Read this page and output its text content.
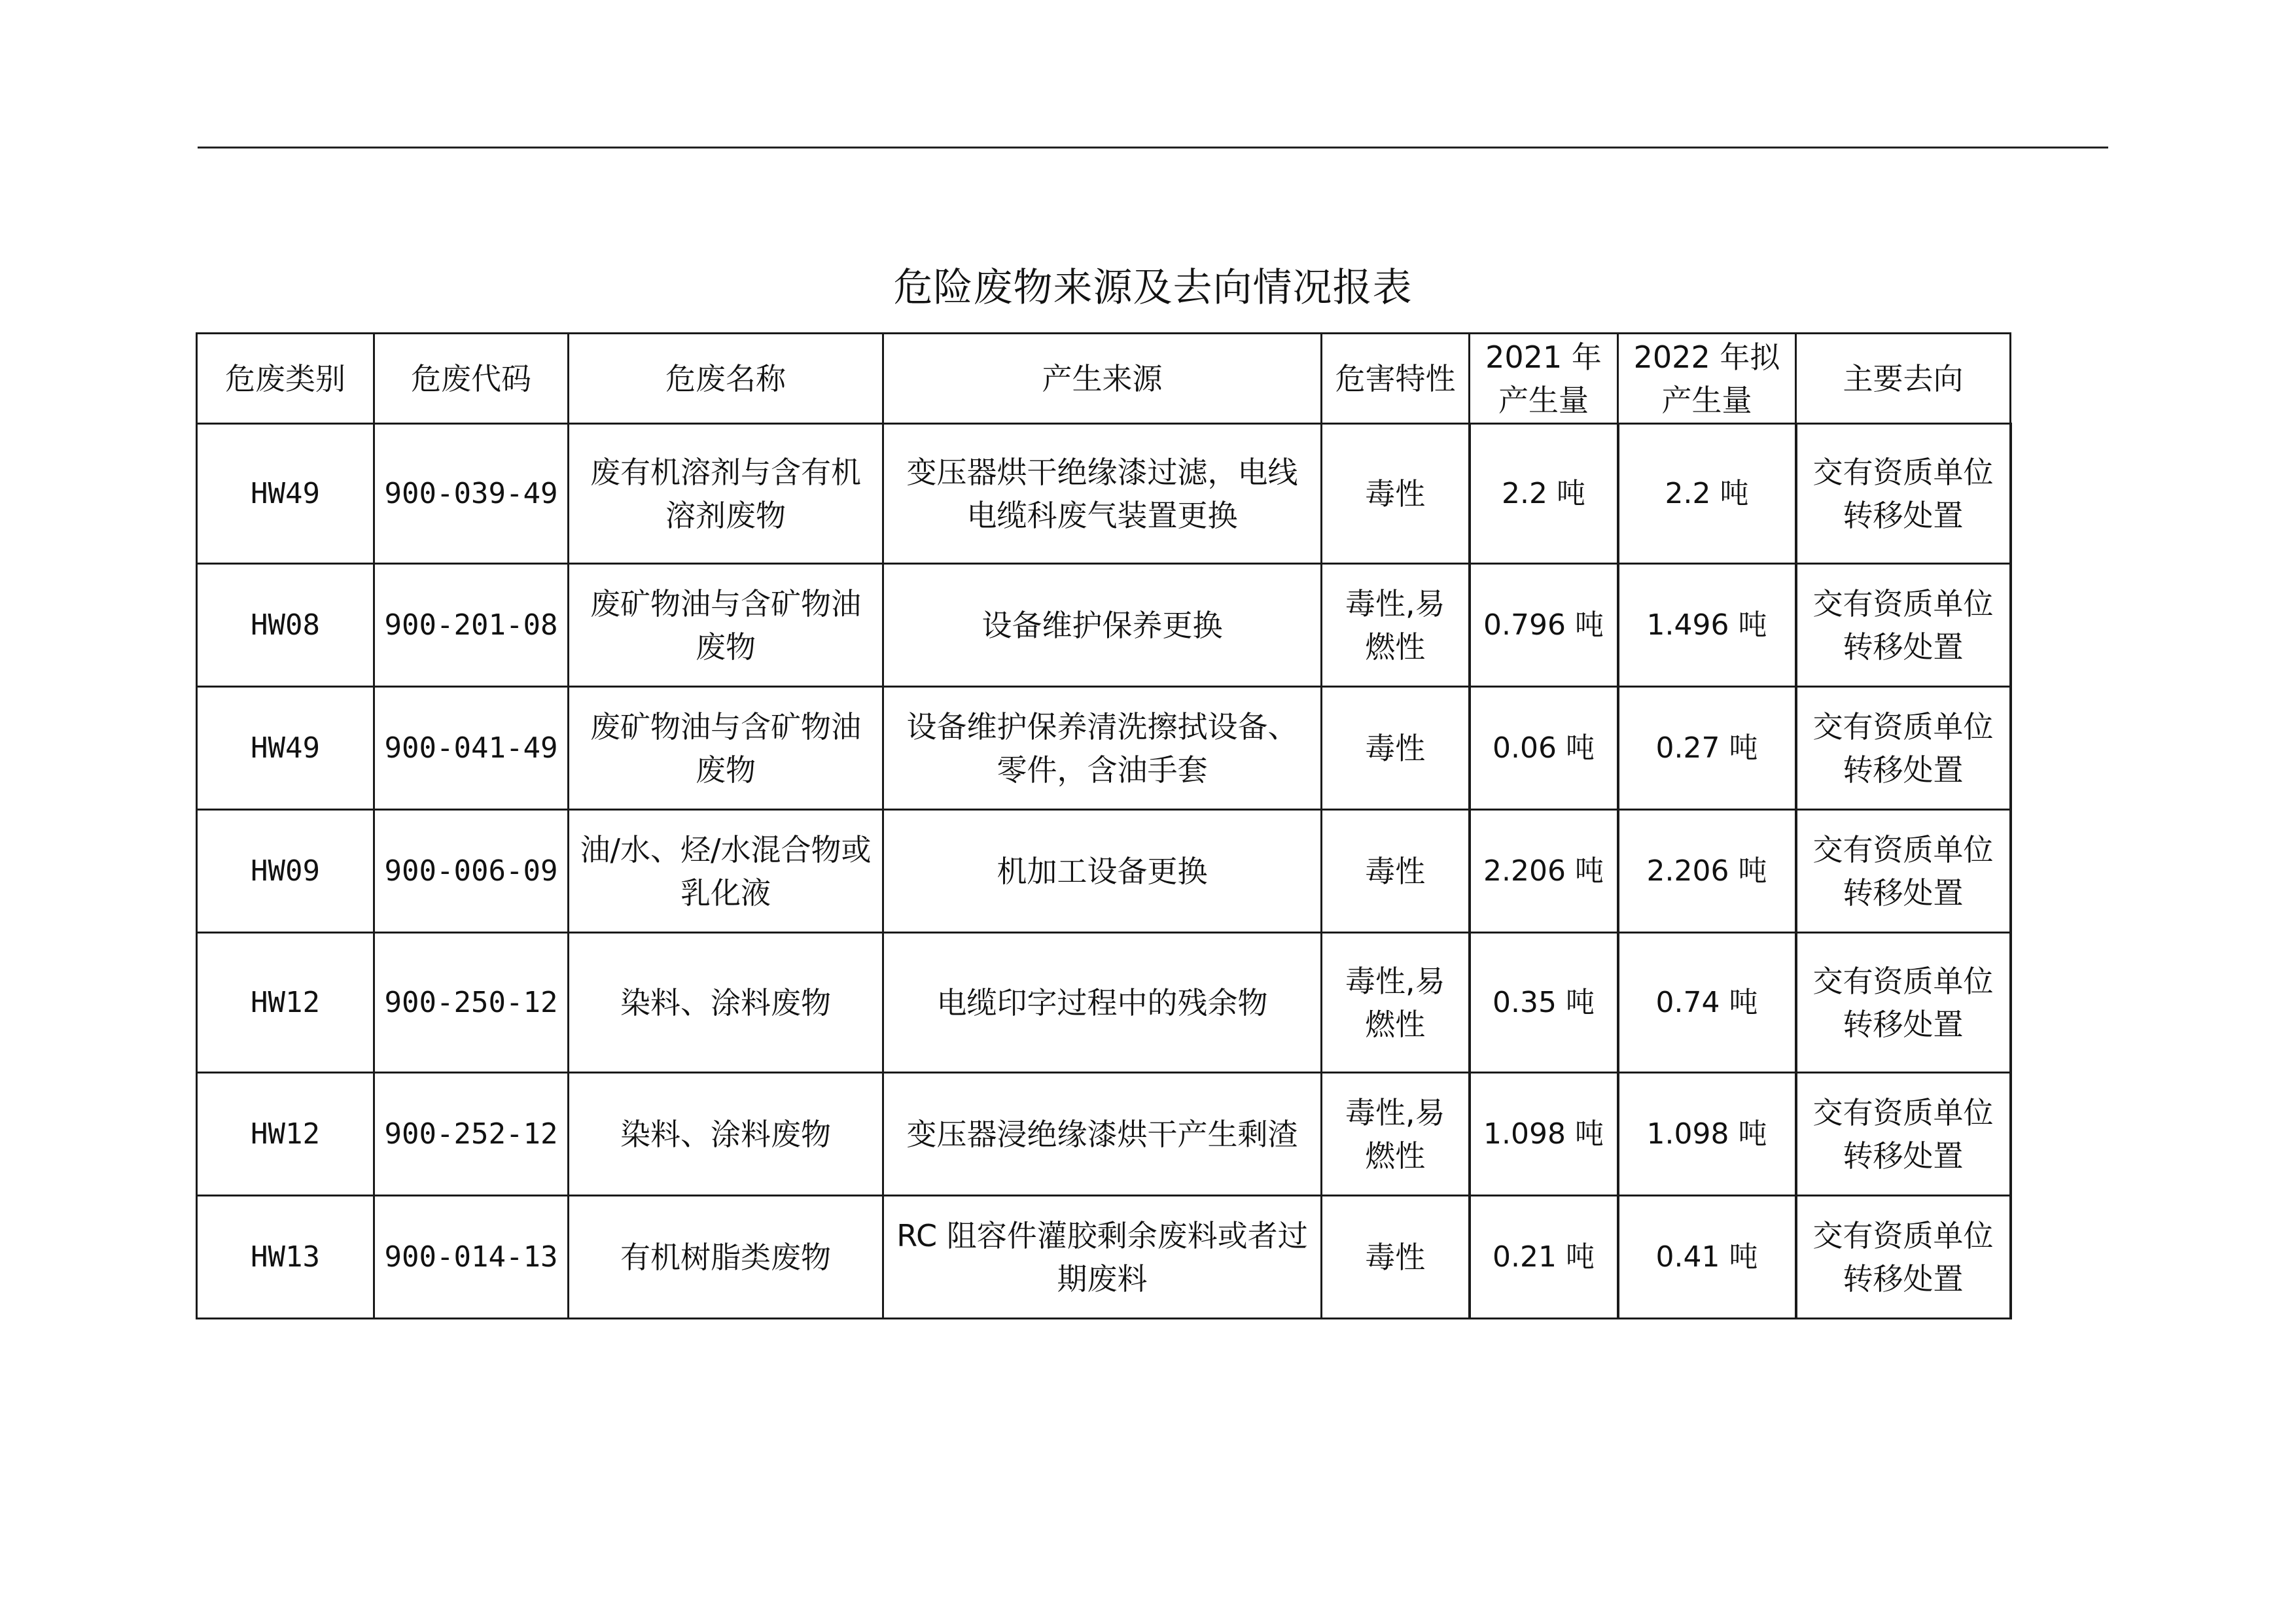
危险废物来源及去向情况报表
危废类别	危废代码	危废名称	产生来源	危害特性	2021 年产生量	2022 年拟产生量	主要去向
HW49	900-039-49	废有机溶剂与含有机溶剂废物	变压器烘干绝缘漆过滤，电线电缆科废气装置更换	毒性	2.2 吨	2.2 吨	交有资质单位转移处置
HW08	900-201-08	废矿物油与含矿物油废物	设备维护保养更换	毒性,易燃性	0.796 吨	1.496 吨	交有资质单位转移处置
HW49	900-041-49	废矿物油与含矿物油废物	设备维护保养清洗擦拭设备、零件，含油手套	毒性	0.06 吨	0.27 吨	交有资质单位转移处置
HW09	900-006-09	油/水、烃/水混合物或乳化液	机加工设备更换	毒性	2.206 吨	2.206 吨	交有资质单位转移处置
HW12	900-250-12	染料、涂料废物	电缆印字过程中的残余物	毒性,易燃性	0.35 吨	0.74 吨	交有资质单位转移处置
HW12	900-252-12	染料、涂料废物	变压器浸绝缘漆烘干产生剩渣	毒性,易燃性	1.098 吨	1.098 吨	交有资质单位转移处置
HW13	900-014-13	有机树脂类废物	RC 阻容件灌胶剩余废料或者过期废料	毒性	0.21 吨	0.41 吨	交有资质单位转移处置
